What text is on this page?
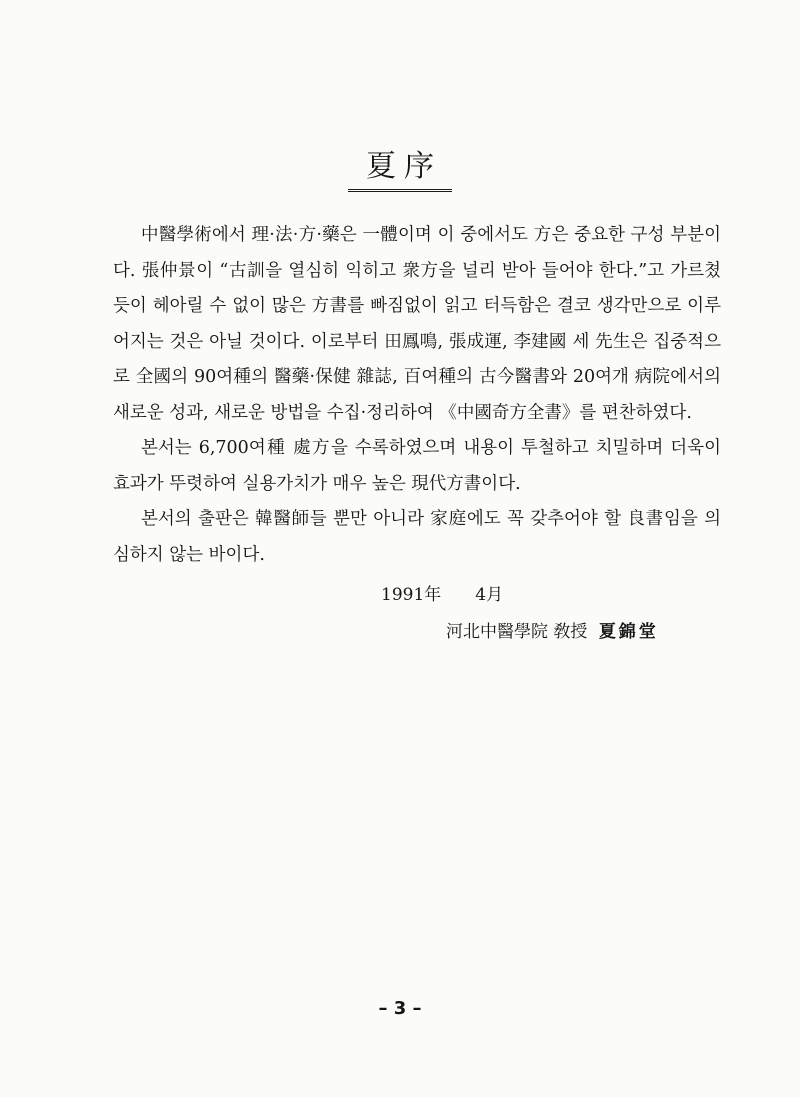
夏序

中醫學術에서 理·法·方·藥은 一體이며 이 중에서도 方은 중요한 구성 부분이다. 張仲景이 “古訓을 열심히 익히고 衆方을 널리 받아 들어야 한다.”고 가르쳤듯이 헤아릴 수 없이 많은 方書를 빠짐없이 읽고 터득함은 결코 생각만으로 이루어지는 것은 아닐 것이다. 이로부터 田鳳鳴, 張成運, 李建國 세 先生은 집중적으로 全國의 90여種의 醫藥·保健 雜誌, 百여種의 古今醫書와 20여개 病院에서의 새로운 성과, 새로운 방법을 수집·정리하여 《中國奇方全書》를 편찬하였다.

본서는 6,700여種 處方을 수록하였으며 내용이 투철하고 치밀하며 더욱이 효과가 뚜렷하여 실용가치가 매우 높은 現代方書이다.

본서의 출판은 韓醫師들 뿐만 아니라 家庭에도 꼭 갖추어야 할 良書임을 의심하지 않는 바이다.

1991年　　4月
河北中醫學院 敎授 夏錦堂
– 3 –
